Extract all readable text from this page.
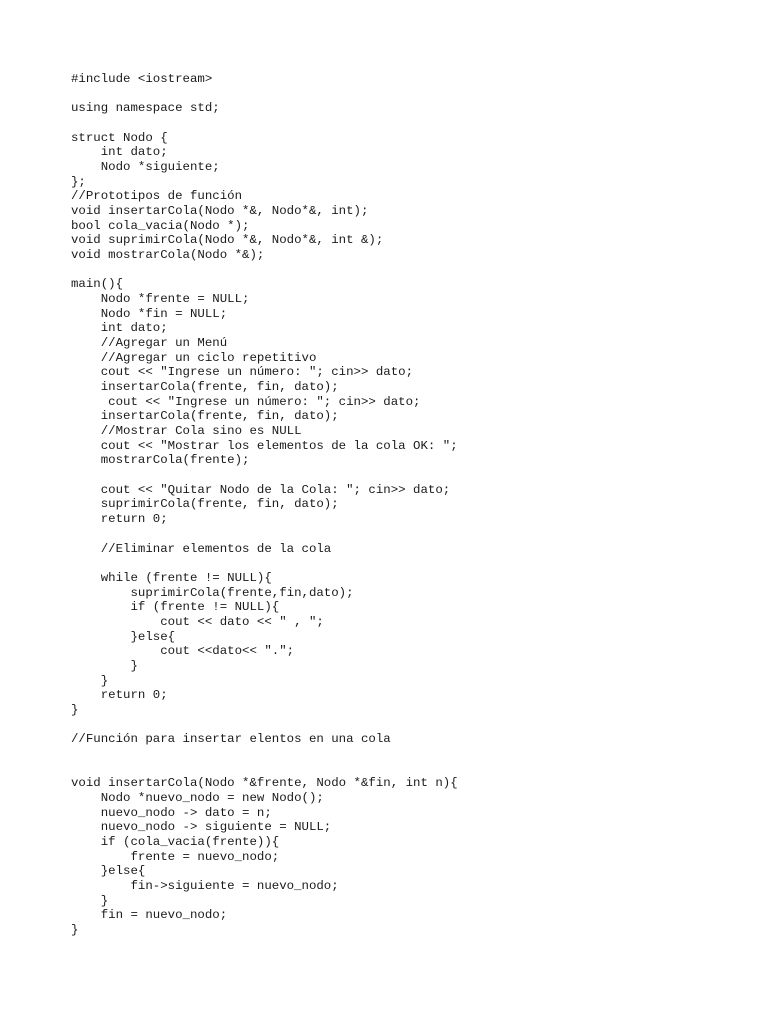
#include <iostream>
using namespace std;
struct Nodo {
int dato;
Nodo *siguiente;
};
//Prototipos de función
void insertarCola(Nodo *&, Nodo*&, int);
bool cola_vacia(Nodo *);
void suprimirCola(Nodo *&, Nodo*&, int &);
void mostrarCola(Nodo *&);
main(){
Nodo *frente = NULL;
Nodo *fin = NULL;
int dato;
//Agregar un Menú
//Agregar un ciclo repetitivo
cout << "Ingrese un número: "; cin>> dato;
insertarCola(frente, fin, dato);
cout << "Ingrese un número: "; cin>> dato;
insertarCola(frente, fin, dato);
//Mostrar Cola sino es NULL
cout << "Mostrar los elementos de la cola OK: ";
mostrarCola(frente);
cout << "Quitar Nodo de la Cola: "; cin>> dato;
suprimirCola(frente, fin, dato);
return 0;
//Eliminar elementos de la cola
while (frente != NULL){
suprimirCola(frente,fin,dato);
if (frente != NULL){
cout << dato << " , ";
}else{
cout <<dato<< ".";
}
}
return 0;
}
//Función para insertar elentos en una cola
void insertarCola(Nodo *&frente, Nodo *&fin, int n){
Nodo *nuevo_nodo = new Nodo();
nuevo_nodo -> dato = n;
nuevo_nodo -> siguiente = NULL;
if (cola_vacia(frente)){
frente = nuevo_nodo;
}else{
fin->siguiente = nuevo_nodo;
}
fin = nuevo_nodo;
}
